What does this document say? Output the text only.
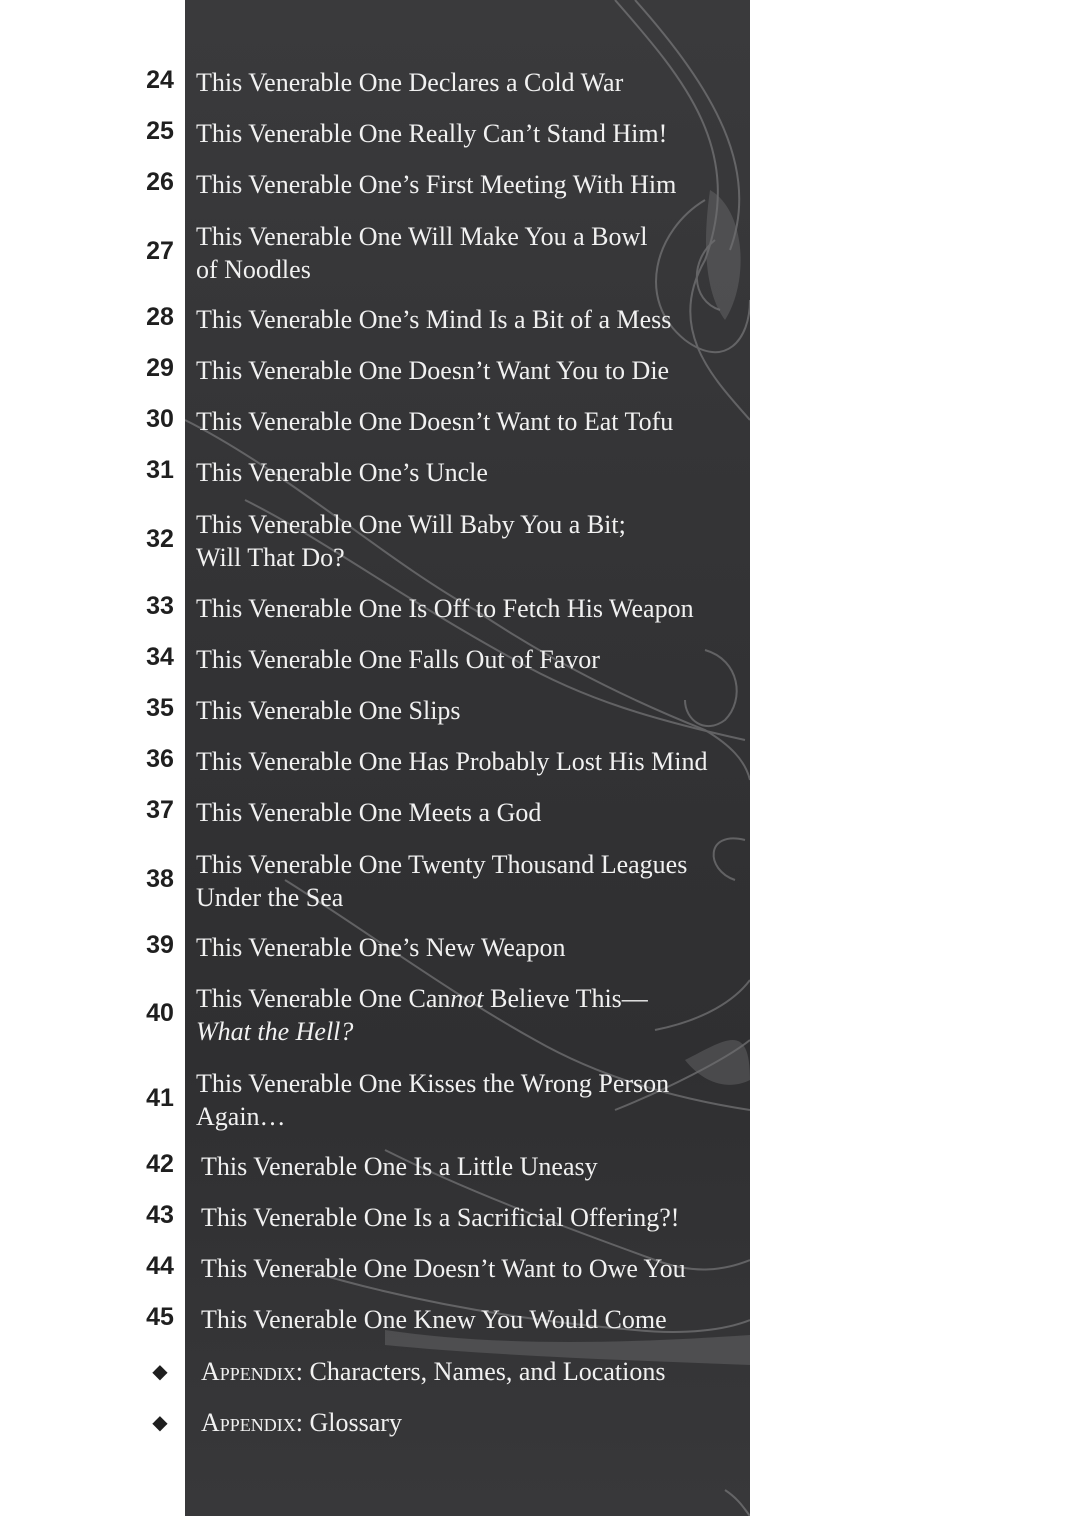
24 This Venerable One Declares a Cold War
25 This Venerable One Really Can’t Stand Him!
26 This Venerable One’s First Meeting With Him
27 This Venerable One Will Make You a Bowl
of Noodles
28 This Venerable One’s Mind Is a Bit of a Mess
29 This Venerable One Doesn’t Want You to Die
30 This Venerable One Doesn’t Want to Eat Tofu
31 This Venerable One’s Uncle
32 This Venerable One Will Baby You a Bit;
Will That Do?
33 This Venerable One Is Off to Fetch His Weapon
34 This Venerable One Falls Out of Favor
35 This Venerable One Slips
36 This Venerable One Has Probably Lost His Mind
37 This Venerable One Meets a God
38 This Venerable One Twenty Thousand Leagues
Under the Sea
39 This Venerable One’s New Weapon
40 This Venerable One Cannot Believe This—
What the Hell?
41 This Venerable One Kisses the Wrong Person
Again…
42	This Venerable One Is a Little Uneasy
43	This Venerable One Is a Sacrificial Offering?!
44	This Venerable One Doesn’t Want to Owe You
45	This Venerable One Knew You Would Come
◆	Appendix: Characters, Names, and Locations
◆	Appendix: Glossary
